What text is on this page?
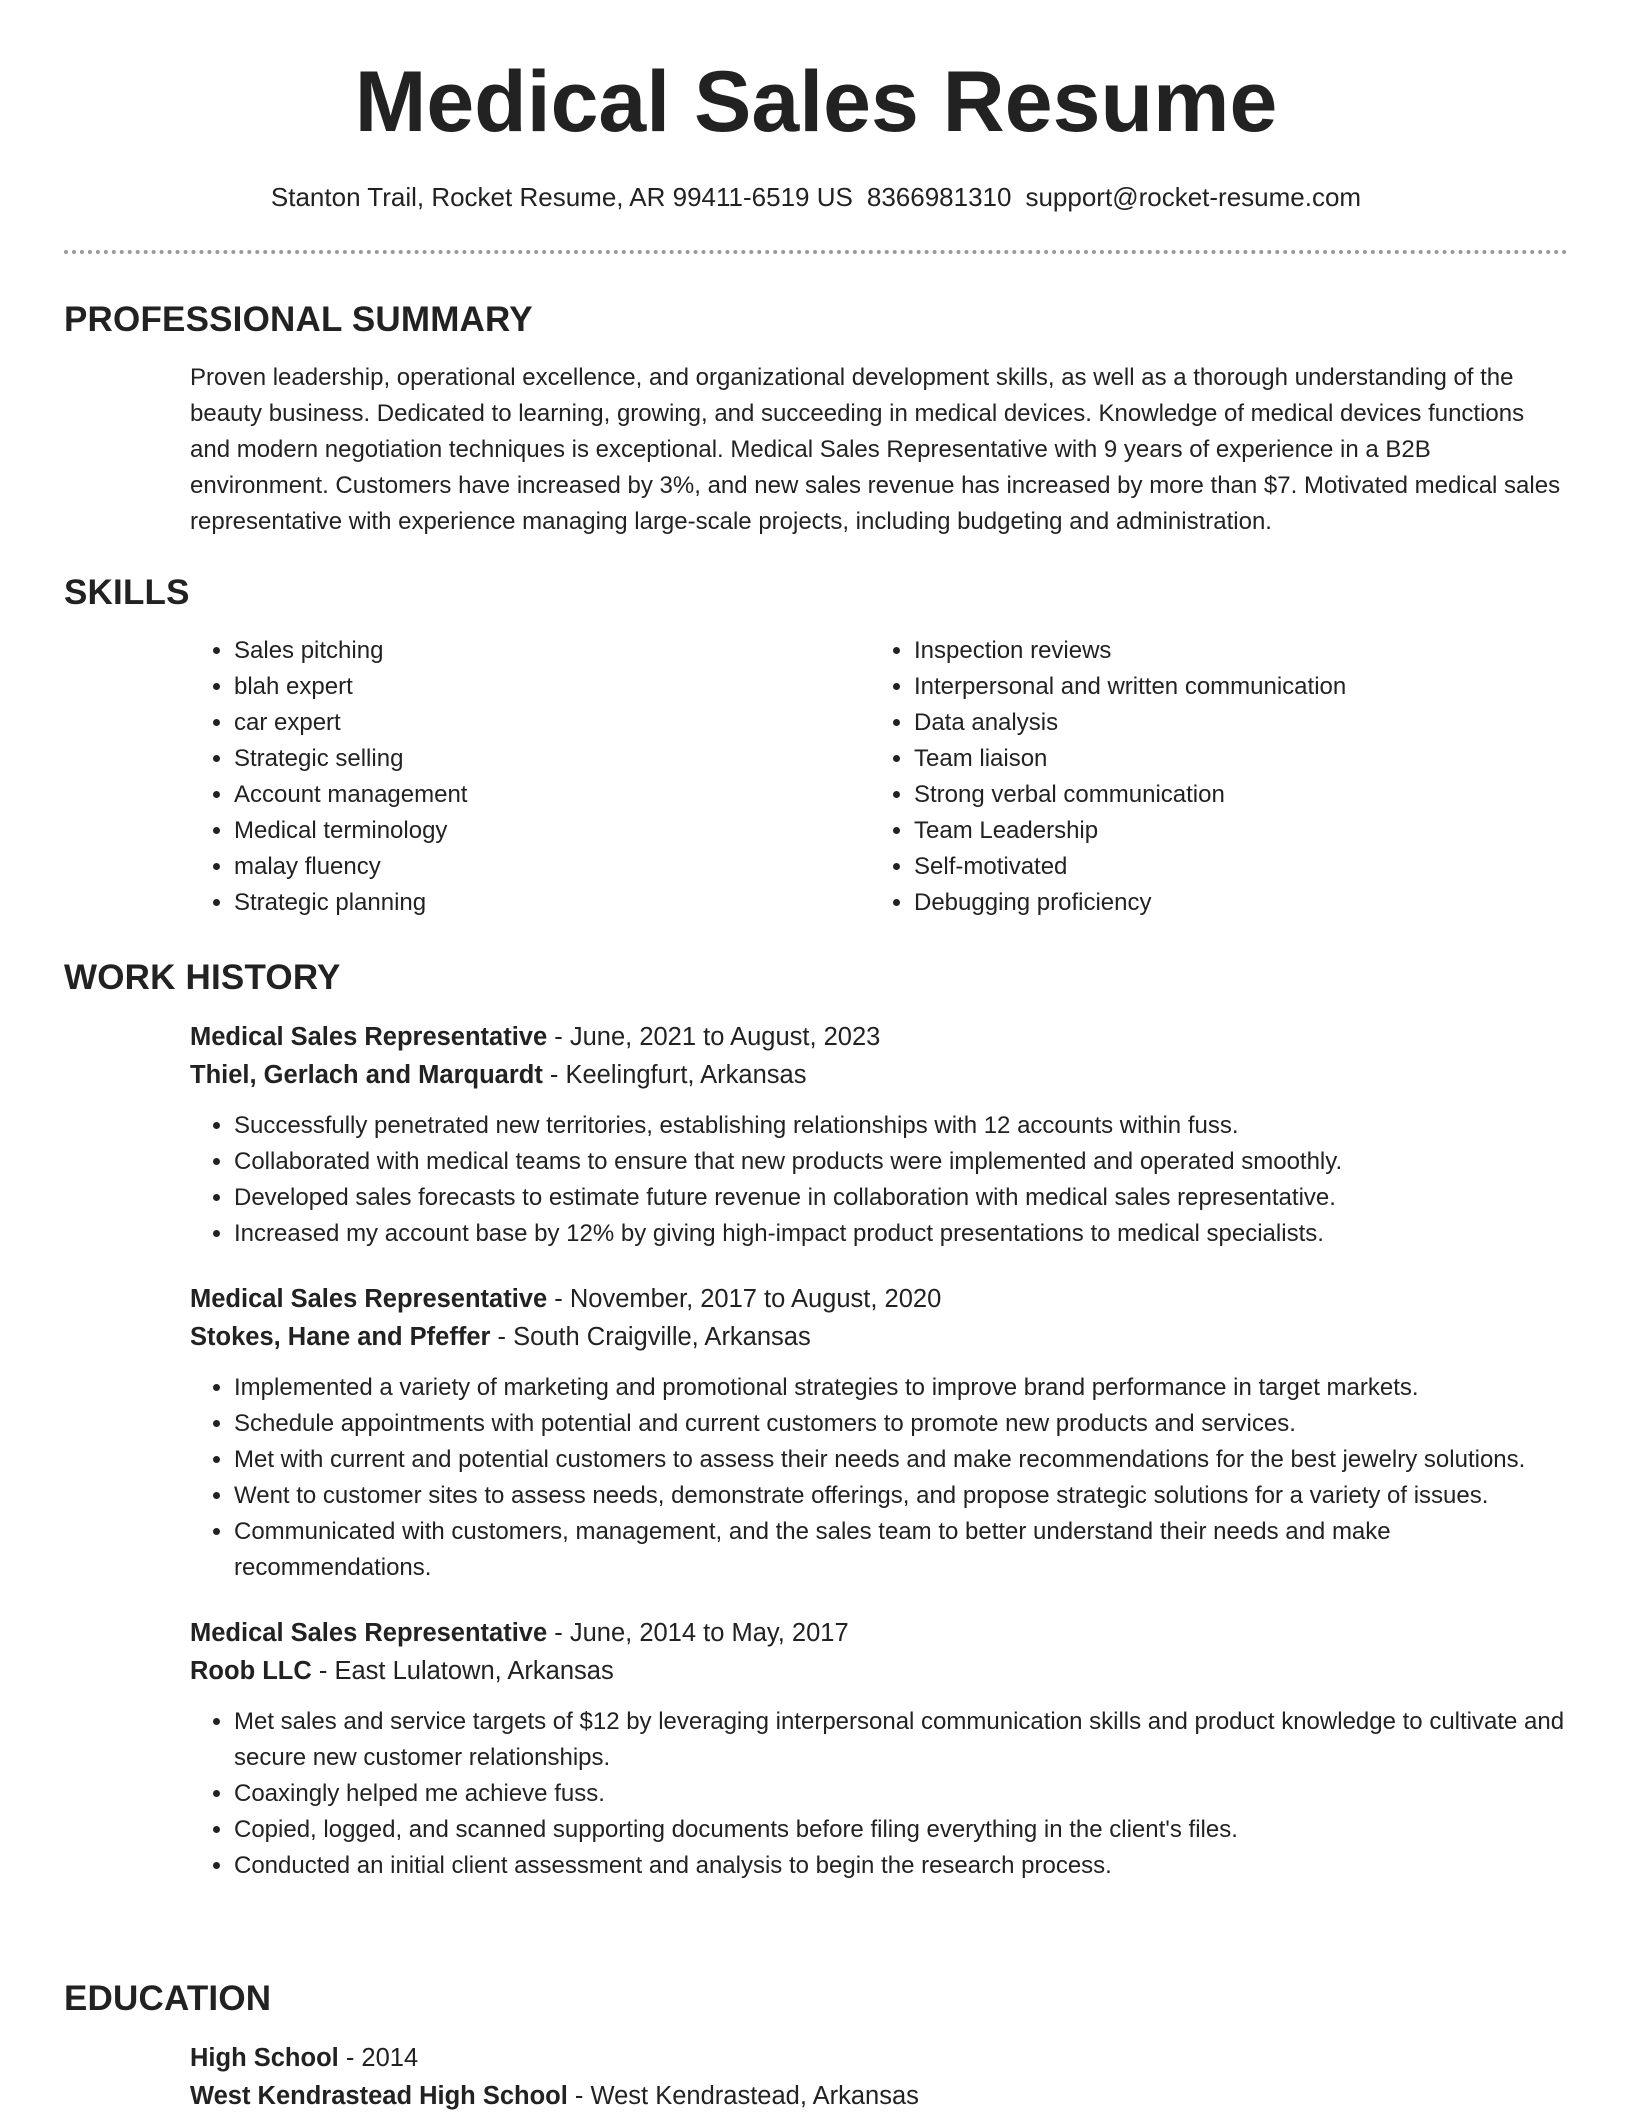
Medical Sales Resume
Stanton Trail, Rocket Resume, AR 99411-6519 US 8366981310 support@rocket-resume.com
PROFESSIONAL SUMMARY

Proven leadership, operational excellence, and organizational development skills, as well as a thorough understanding of the beauty business. Dedicated to learning, growing, and succeeding in medical devices. Knowledge of medical devices functions and modern negotiation techniques is exceptional. Medical Sales Representative with 9 years of experience in a B2B environment. Customers have increased by 3%, and new sales revenue has increased by more than $7. Motivated medical sales representative with experience managing large-scale projects, including budgeting and administration.

SKILLS
• Sales pitching
• blah expert
• car expert
• Strategic selling
• Account management
• Medical terminology
• malay fluency
• Strategic planning
• Inspection reviews
• Interpersonal and written communication
• Data analysis
• Team liaison
• Strong verbal communication
• Team Leadership
• Self-motivated
• Debugging proficiency
WORK HISTORY
Medical Sales Representative - June, 2021 to August, 2023
Thiel, Gerlach and Marquardt - Keelingfurt, Arkansas
• Successfully penetrated new territories, establishing relationships with 12 accounts within fuss.
• Collaborated with medical teams to ensure that new products were implemented and operated smoothly.
• Developed sales forecasts to estimate future revenue in collaboration with medical sales representative.
• Increased my account base by 12% by giving high-impact product presentations to medical specialists.
Medical Sales Representative - November, 2017 to August, 2020
Stokes, Hane and Pfeffer - South Craigville, Arkansas
• Implemented a variety of marketing and promotional strategies to improve brand performance in target markets.
• Schedule appointments with potential and current customers to promote new products and services.
• Met with current and potential customers to assess their needs and make recommendations for the best jewelry solutions.
• Went to customer sites to assess needs, demonstrate offerings, and propose strategic solutions for a variety of issues.
• Communicated with customers, management, and the sales team to better understand their needs and make recommendations.
Medical Sales Representative - June, 2014 to May, 2017
Roob LLC - East Lulatown, Arkansas
• Met sales and service targets of $12 by leveraging interpersonal communication skills and product knowledge to cultivate and secure new customer relationships.
• Coaxingly helped me achieve fuss.
• Copied, logged, and scanned supporting documents before filing everything in the client's files.
• Conducted an initial client assessment and analysis to begin the research process.
EDUCATION
High School - 2014
West Kendrastead High School - West Kendrastead, Arkansas
